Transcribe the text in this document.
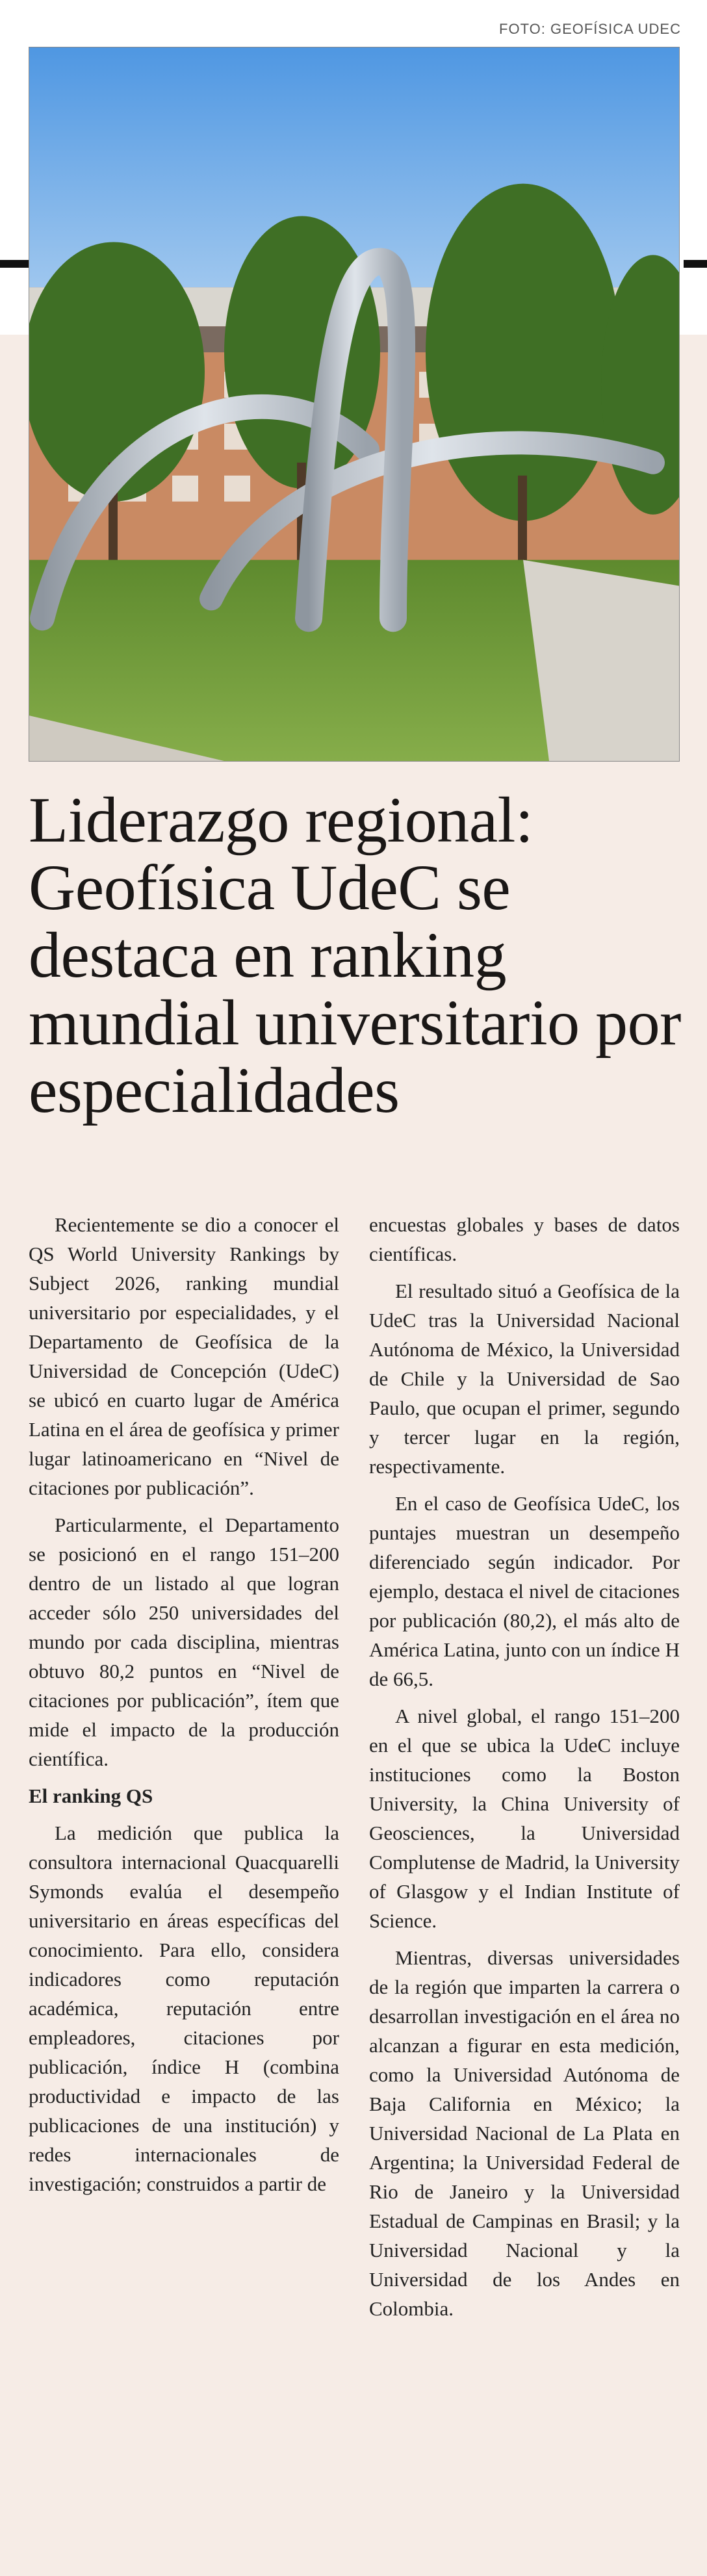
FOTO: GEOFÍSICA UDEC
Liderazgo regional: Geofísica UdeC se destaca en ranking mundial universitario por especialidades

Recientemente se dio a conocer el QS World University Rankings by Subject 2026, ranking mundial universitario por especialidades, y el Departamento de Geofísica de la Universidad de Concepción (UdeC) se ubicó en cuarto lugar de América Latina en el área de geofísica y primer lugar latinoamericano en “Nivel de citaciones por publicación”.

Particularmente, el Departamento se posicionó en el rango 151–200 dentro de un listado al que logran acceder sólo 250 universidades del mundo por cada disciplina, mientras obtuvo 80,2 puntos en “Nivel de citaciones por publicación”, ítem que mide el impacto de la producción científica.

El ranking QS

La medición que publica la consultora internacional Quacquarelli Symonds evalúa el desempeño universitario en áreas específicas del conocimiento. Para ello, considera indicadores como reputación académica, reputación entre empleadores, citaciones por publicación, índice H (combina productividad e impacto de las publicaciones de una institución) y redes internacionales de investigación; construidos a partir de

encuestas globales y bases de datos científicas.

El resultado situó a Geofísica de la UdeC tras la Universidad Nacional Autónoma de México, la Universidad de Chile y la Universidad de Sao Paulo, que ocupan el primer, segundo y tercer lugar en la región, respectivamente.

En el caso de Geofísica UdeC, los puntajes muestran un desempeño diferenciado según indicador. Por ejemplo, destaca el nivel de citaciones por publicación (80,2), el más alto de América Latina, junto con un índice H de 66,5.

A nivel global, el rango 151–200 en el que se ubica la UdeC incluye instituciones como la Boston University, la China University of Geosciences, la Universidad Complutense de Madrid, la University of Glasgow y el Indian Institute of Science.

Mientras, diversas universidades de la región que imparten la carrera o desarrollan investigación en el área no alcanzan a figurar en esta medición, como la Universidad Autónoma de Baja California en México; la Universidad Nacional de La Plata en Argentina; la Universidad Federal de Rio de Janeiro y la Universidad Estadual de Campinas en Brasil; y la Universidad Nacional y la Universidad de los Andes en Colombia.
